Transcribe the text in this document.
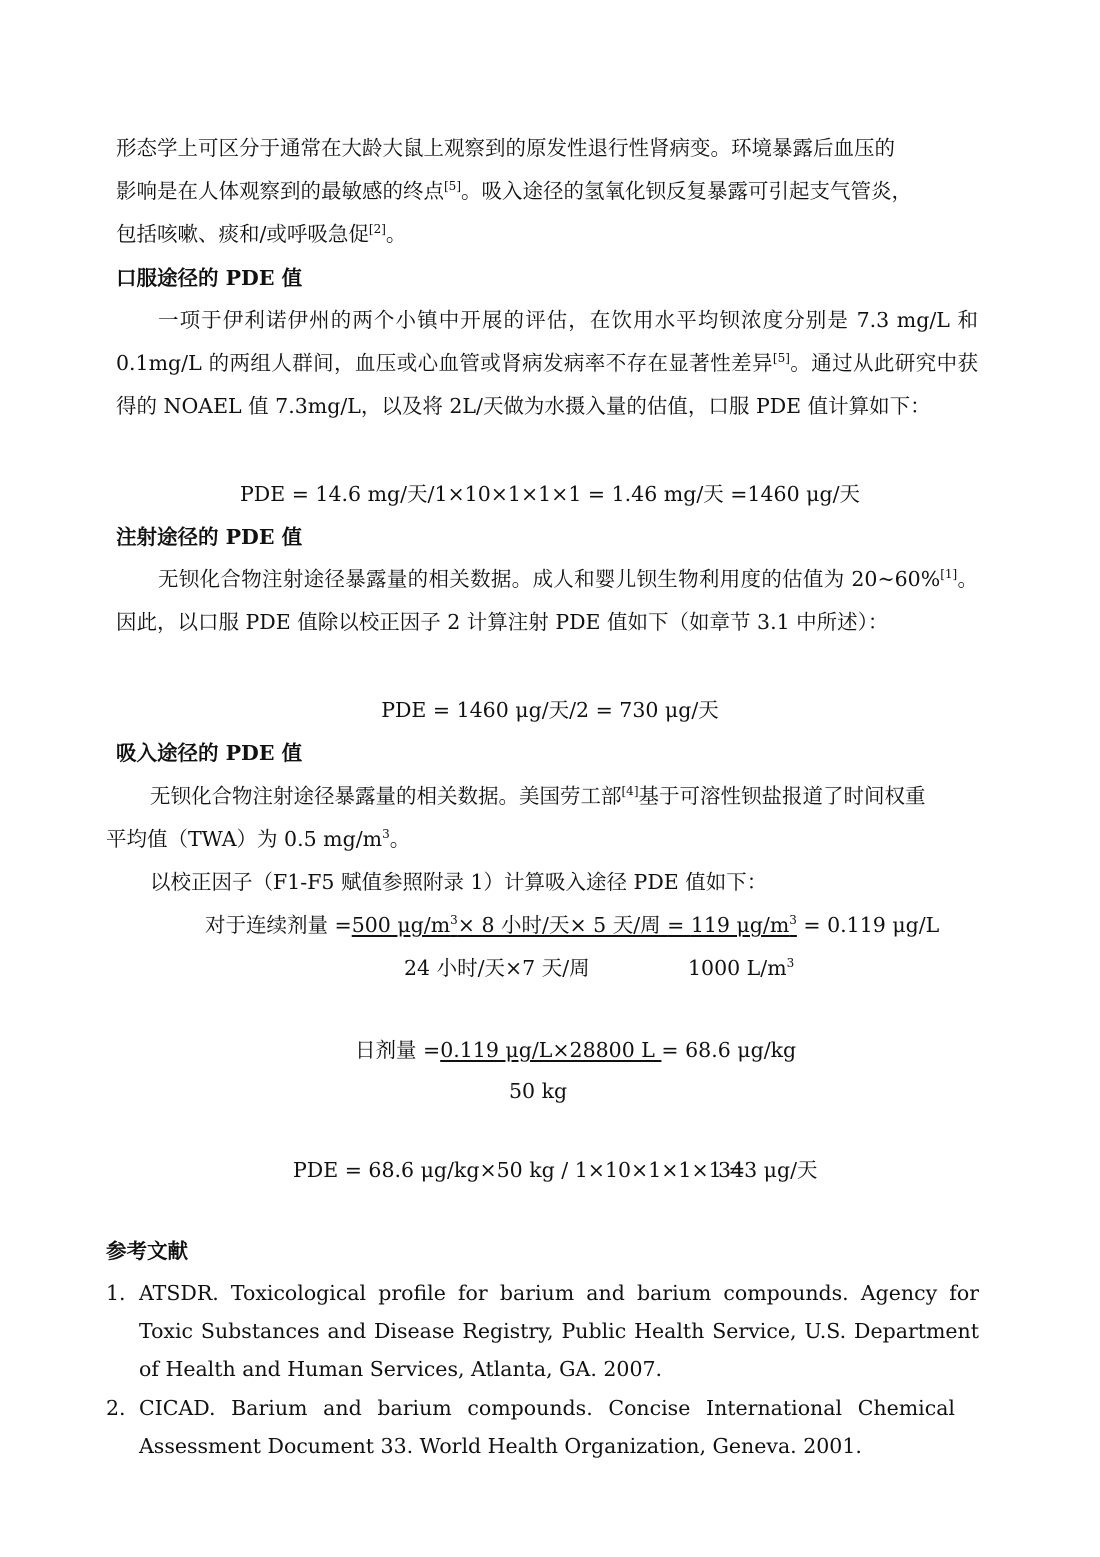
形态学上可区分于通常在大龄大鼠上观察到的原发性退行性肾病变。环境暴露后血压的
影响是在人体观察到的最敏感的终点[5]。吸入途径的氢氧化钡反复暴露可引起支气管炎，
包括咳嗽、痰和/或呼吸急促[2]。
口服途径的 PDE 值
一项于伊利诺伊州的两个小镇中开展的评估，在饮用水平均钡浓度分别是 7.3 mg/L 和 0.1mg/L 的两组人群间，血压或心血管或肾病发病率不存在显著性差异[5]。通过从此研究中获得的 NOAEL 值 7.3mg/L，以及将 2L/天做为水摄入量的估值，口服 PDE 值计算如下：
PDE = 14.6 mg/天/1×10×1×1×1 = 1.46 mg/天 =1460 μg/天
注射途径的 PDE 值
无钡化合物注射途径暴露量的相关数据。成人和婴儿钡生物利用度的估值为 20~60%[1]。因此，以口服 PDE 值除以校正因子 2 计算注射 PDE 值如下（如章节 3.1 中所述）：
PDE = 1460 μg/天/2 = 730 μg/天
吸入途径的 PDE 值
无钡化合物注射途径暴露量的相关数据。美国劳工部[4]基于可溶性钡盐报道了时间权重
平均值（TWA）为 0.5 $mg/m^3$。
以校正因子（F1-F5 赋值参照附录 1）计算吸入途径 PDE 值如下：
对于连续剂量 =500 $\mu g/m^3\times 8$ 小时/天× 5 天/周 = 119 $\mu g/m^3 = 0.119$ μg/L
24 小时/天×7 天/周	1000 $L/m^3$
日剂量 =0.119 μg/L×28800 L = 68.6 μg/kg
50 kg
PDE = 68.6 μg/kg×50 kg / 1×10×1×1×1 =
343 μg/天
参考文献
1. ATSDR. Toxicological profile for barium and barium compounds. Agency for Toxic Substances and Disease Registry, Public Health Service, U.S. Department of Health and Human Services, Atlanta, GA. 2007.
2. CICAD. Barium and barium compounds. Concise International Chemical Assessment Document 33. World Health Organization, Geneva. 2001.
